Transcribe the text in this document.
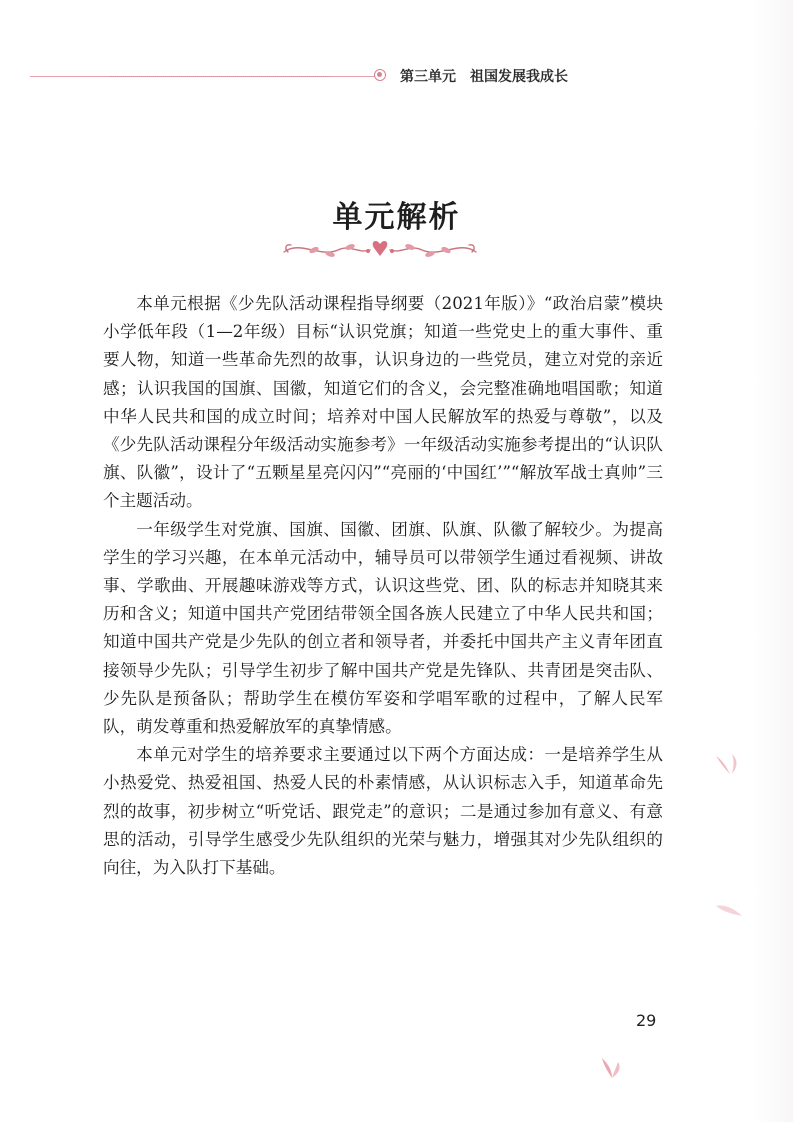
第三单元 祖国发展我成长
单元解析

本单元根据《少先队活动课程指导纲要（2021年版）》“政治启蒙”模块小学低年段（1—2年级）目标“认识党旗；知道一些党史上的重大事件、重要人物，知道一些革命先烈的故事，认识身边的一些党员，建立对党的亲近感；认识我国的国旗、国徽，知道它们的含义，会完整准确地唱国歌；知道中华人民共和国的成立时间；培养对中国人民解放军的热爱与尊敬”，以及《少先队活动课程分年级活动实施参考》一年级活动实施参考提出的“认识队旗、队徽”，设计了“五颗星星亮闪闪”“亮丽的‘中国红’”“解放军战士真帅”三个主题活动。

一年级学生对党旗、国旗、国徽、团旗、队旗、队徽了解较少。为提高学生的学习兴趣，在本单元活动中，辅导员可以带领学生通过看视频、讲故事、学歌曲、开展趣味游戏等方式，认识这些党、团、队的标志并知晓其来历和含义；知道中国共产党团结带领全国各族人民建立了中华人民共和国；知道中国共产党是少先队的创立者和领导者，并委托中国共产主义青年团直接领导少先队；引导学生初步了解中国共产党是先锋队、共青团是突击队、少先队是预备队；帮助学生在模仿军姿和学唱军歌的过程中，了解人民军队，萌发尊重和热爱解放军的真挚情感。

本单元对学生的培养要求主要通过以下两个方面达成：一是培养学生从小热爱党、热爱祖国、热爱人民的朴素情感，从认识标志入手，知道革命先烈的故事，初步树立“听党话、跟党走”的意识；二是通过参加有意义、有意思的活动，引导学生感受少先队组织的光荣与魅力，增强其对少先队组织的向往，为入队打下基础。

29
